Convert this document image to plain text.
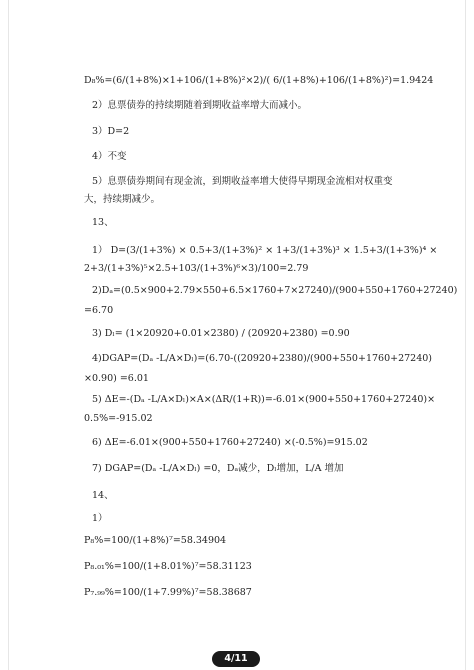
D₈%=(6/(1+8%)×1+106/(1+8%)²×2)/( 6/(1+8%)+106/(1+8%)²)=1.9424
2）息票债券的持续期随着到期收益率增大而减小。
3）D=2
4）不变
5）息票债券期间有现金流，到期收益率增大使得早期现金流相对权重变
大，持续期减少。
13、
1） D=(3/(1+3%) × 0.5+3/(1+3%)² × 1+3/(1+3%)³ × 1.5+3/(1+3%)⁴ ×
2+3/(1+3%)⁵×2.5+103/(1+3%)⁶×3)/100=2.79
2)Dₐ=(0.5×900+2.79×550+6.5×1760+7×27240)/(900+550+1760+27240)
=6.70
3) Dₗ= (1×20920+0.01×2380) / (20920+2380) =0.90
4)DGAP=(Dₐ -L/A×Dₗ)=(6.70-((20920+2380)/(900+550+1760+27240)
×0.90) =6.01
5) ΔE=-(Dₐ -L/A×Dₗ)×A×(ΔR/(1+R))=-6.01×(900+550+1760+27240)×
0.5%=-915.02
6) ΔE=-6.01×(900+550+1760+27240) ×(-0.5%)=915.02
7) DGAP=(Dₐ -L/A×Dₗ) =0，Dₐ减少，Dₗ增加，L/A 增加
14、
1）
P₈%=100/(1+8%)⁷=58.34904
P₈.₀₁%=100/(1+8.01%)⁷=58.31123
P₇.₉₉%=100/(1+7.99%)⁷=58.38687
4/11
